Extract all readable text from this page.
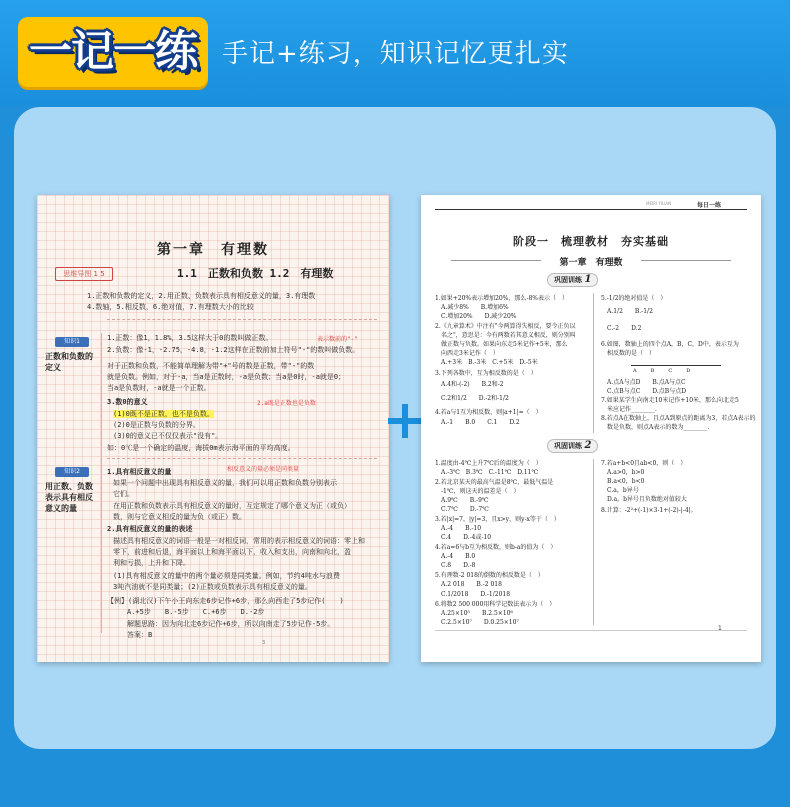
一记一练 手记+练习，知识记忆更扎实
第一章　有理数
思维导图 1 5	1.1　正数和负数 1.2　有理数
知识1
正数和负数的定义
知识2
用正数、负数表示具有相反意义的量
1.正数和负数的定义，2.用正数、负数表示具有相反意义的量，3.有理数
4.数轴，5.相反数，6.绝对值，7.有理数大小的比较
1.正数：像1，1.8%，3.5这样大于0的数叫做正数。
2.负数：像-1，-2.75，-4.8，-1.2这样在正数前加上符号"-"的数叫做负数。
对于正数和负数，不能简单理解为带"+"号的数是正数，带"-"的数
就是负数。例如，对于-a，当a是正数时，-a是负数；当a是0时，-a就是0；
当a是负数时，-a就是一个正数。
3.数0的意义
(1)0既不是正数，也不是负数。
(2)0是正数与负数的分界。
(3)0的意义已不仅仅表示"没有"。
如：0℃是一个确定的温度，海拔0m表示海平面的平均高度。
2.a既是正数也是负数
表示数前的"-"
1.具有相反意义的量
如果一个问题中出现具有相反意义的量，我们可以用正数和负数分别表示
它们。
在用正数和负数表示具有相反意义的量时，互定规定了哪个意义为正（或负）
数，则与它意义相反的量为负（或正）数。
2.具有相反意义的量的表述
描述具有相反意义的词语一般是一对相反词，常用的表示相反意义的词语：零上和
零下，前进和后退，海平面以上和海平面以下，收入和支出，向南和向北，盈
利和亏损，上升和下降。
(1)具有相反意义的量中的两个量必须是同类量。例如，节约4吨水与浪费
3吨汽油就不是同类量；(2)正数或负数表示具有相反意义的量。
相反意义的量必须是同类量
【例】(湖北汉)下午小王向东走6步记作+6步，那么向西走了5步记作(　　)
A.+5步　　B.-5步　　C.+6步　　D.-2步
解题思路：因为向北走6步记作+6步，所以向南走了5步记作-5步。
答案：B
3
MEIRI YILIAN	每日一练
阶段一　梳理教材　夯实基础
第一章　有理数
巩固训练 1
1.如果+20%表示增加20%，那么-8%表示（　）
A.减少8%　　B.增加6%
C.增加20%　　D.减少20%
2.《九章算术》中注有"今两算得失相反，要令正负以
名之"，意思是：今有两数若其意义相反，则分别叫
做正数与负数。如果向东走5米记作+5米，那么
向西走3米记作（　）
A.+3米　B.-3米　C.+5米　D.-5米
3.下列各数中，互为相反数的是（　）
A.4和-(-2)　　B.2和-2
C.2和1/2　　D.-2和-1/2
4.若a与1互为相反数，则|a+1|=（　）
A.-1　　B.0　　C.1　　D.2
5.-1/2的绝对值是（　）
A.1/2　　B.-1/2
C.-2　　D.2
6.如图，数轴上的四个点A，B，C，D中，表示互为
相反数的是（　）
ABCD
A.点A与点D　　B.点A与点C
C.点B与点C　　D.点B与点D
7.如果某学生向南走10米记作+10米，那么向北走5
米应记作________.
8.若点A在数轴上，且点A到原点的距离为3，若点A表示的
数是负数，则点A表示的数为________.
巩固训练 2
1.温度由-4℃上升7℃后的温度为（　）
A.-3℃　B.3℃　C.-11℃　D.11℃
2.若北京某天的最高气温是8℃，最低气温是
-1℃，则这天的温差是（　）
A.9℃　　B.-9℃
C.7℃　　D.-7℃
3.若|x|=7，|y|=3，且x>y，则y-x等于（　）
A.-4　　B.-10
C.4　　D.-4或-10
4.若a=6与b互为相反数，则b-a的值为（　）
A.-4　　B.0
C.8　　D.-8
5.有理数-2 018的倒数的相反数是（　）
A.2 018　　B.-2 018
C.1/2018　　D.-1/2018
6.将数2 500 000用科学记数法表示为（　）
A.25×10⁵　　B.2.5×10⁶
C.2.5×10⁷　　D.0.25×10⁷
7.若a+b<0且ab<0，则（　）
A.a>0，b>0
B.a<0，b<0
C.a，b异号
D.a，b异号且负数绝对值较大
8.计算：-2²+(-1)×3-1+(-2)-|-4|。
1
